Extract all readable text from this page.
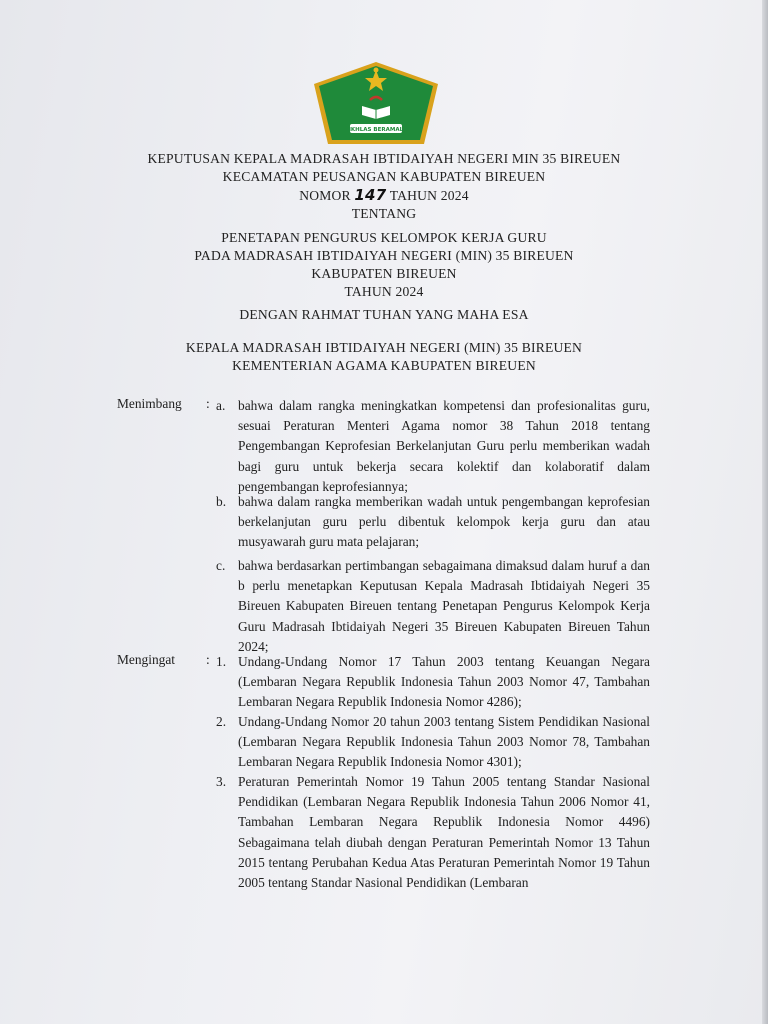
IKHLAS BERAMAL
KEPUTUSAN KEPALA MADRASAH IBTIDAIYAH NEGERI MIN 35 BIREUEN
KECAMATAN PEUSANGAN KABUPATEN BIREUEN
NOMOR 147 TAHUN 2024
TENTANG
PENETAPAN PENGURUS KELOMPOK KERJA GURU
PADA MADRASAH IBTIDAIYAH NEGERI (MIN) 35 BIREUEN
KABUPATEN BIREUEN
TAHUN 2024
DENGAN RAHMAT TUHAN YANG MAHA ESA
KEPALA MADRASAH IBTIDAIYAH NEGERI (MIN) 35 BIREUEN
KEMENTERIAN AGAMA KABUPATEN BIREUEN
Menimbang : a. bahwa dalam rangka meningkatkan kompetensi dan profesionalitas guru, sesuai Peraturan Menteri Agama nomor 38 Tahun 2018 tentang Pengembangan Keprofesian Berkelanjutan Guru perlu memberikan wadah bagi guru untuk bekerja secara kolektif dan kolaboratif dalam pengembangan keprofesiannya;
b. bahwa dalam rangka memberikan wadah untuk pengembangan keprofesian berkelanjutan guru perlu dibentuk kelompok kerja guru dan atau musyawarah guru mata pelajaran;
c. bahwa berdasarkan pertimbangan sebagaimana dimaksud dalam huruf a dan b perlu menetapkan Keputusan Kepala Madrasah Ibtidaiyah Negeri 35 Bireuen Kabupaten Bireuen tentang Penetapan Pengurus Kelompok Kerja Guru Madrasah Ibtidaiyah Negeri 35 Bireuen Kabupaten Bireuen Tahun 2024;
Mengingat : 1. Undang-Undang Nomor 17 Tahun 2003 tentang Keuangan Negara (Lembaran Negara Republik Indonesia Tahun 2003 Nomor 47, Tambahan Lembaran Negara Republik Indonesia Nomor 4286);
2. Undang-Undang Nomor 20 tahun 2003 tentang Sistem Pendidikan Nasional (Lembaran Negara Republik Indonesia Tahun 2003 Nomor 78, Tambahan Lembaran Negara Republik Indonesia Nomor 4301);
3. Peraturan Pemerintah Nomor 19 Tahun 2005 tentang Standar Nasional Pendidikan (Lembaran Negara Republik Indonesia Tahun 2006 Nomor 41, Tambahan Lembaran Negara Republik Indonesia Nomor 4496) Sebagaimana telah diubah dengan Peraturan Pemerintah Nomor 13 Tahun 2015 tentang Perubahan Kedua Atas Peraturan Pemerintah Nomor 19 Tahun 2005 tentang Standar Nasional Pendidikan (Lembaran
